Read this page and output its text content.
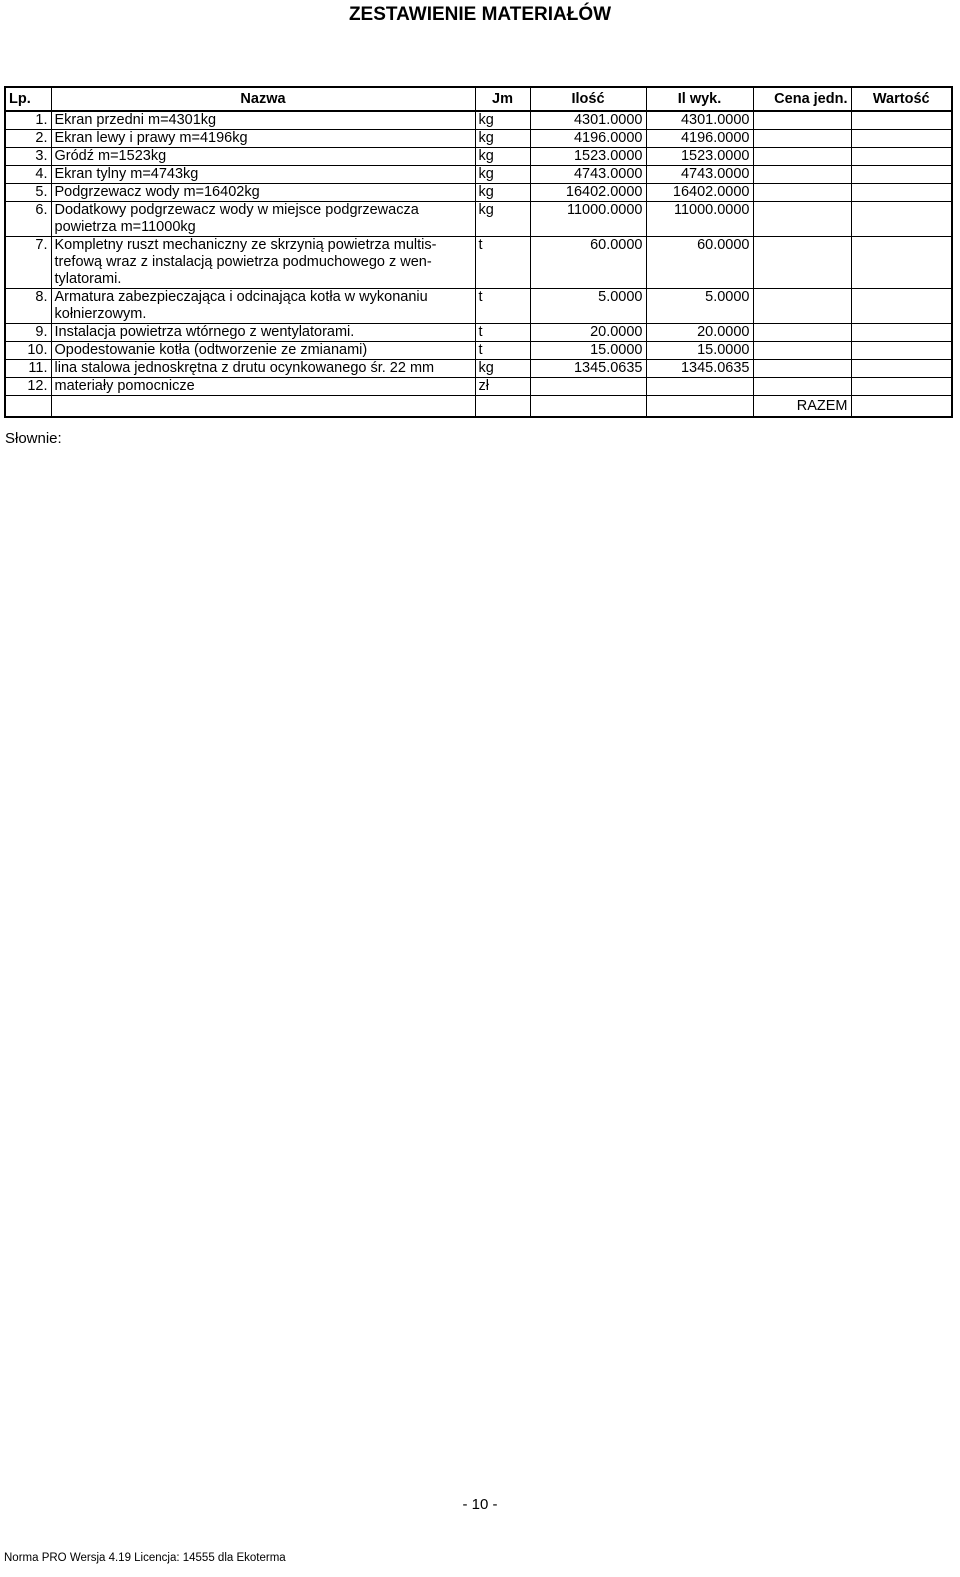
ZESTAWIENIE MATERIAŁÓW
Lp.	Nazwa	Jm	Ilość	Il wyk.	Cena jedn.	Wartość
1.	Ekran przedni m=4301kg	kg	4301.0000	4301.0000		
2.	Ekran lewy i prawy m=4196kg	kg	4196.0000	4196.0000		
3.	Gródź m=1523kg	kg	1523.0000	1523.0000		
4.	Ekran tylny m=4743kg	kg	4743.0000	4743.0000		
5.	Podgrzewacz wody m=16402kg	kg	16402.0000	16402.0000		
6.	Dodatkowy podgrzewacz wody w miejsce podgrzewacza
powietrza m=11000kg	kg	11000.0000	11000.0000		
7.	Kompletny ruszt mechaniczny ze skrzynią powietrza multis-
trefową wraz z instalacją powietrza podmuchowego z wen-
tylatorami.	t	60.0000	60.0000		
8.	Armatura zabezpieczająca i odcinająca kotła w wykonaniu
kołnierzowym.	t	5.0000	5.0000		
9.	Instalacja powietrza wtórnego z wentylatorami.	t	20.0000	20.0000		
10.	Opodestowanie kotła (odtworzenie ze zmianami)	t	15.0000	15.0000		
11.	lina stalowa jednoskrętna z drutu ocynkowanego śr. 22 mm	kg	1345.0635	1345.0635		
12.	materiały pomocnicze	zł				
					RAZEM	
Słownie:
- 10 -
Norma PRO Wersja 4.19 Licencja: 14555 dla Ekoterma
